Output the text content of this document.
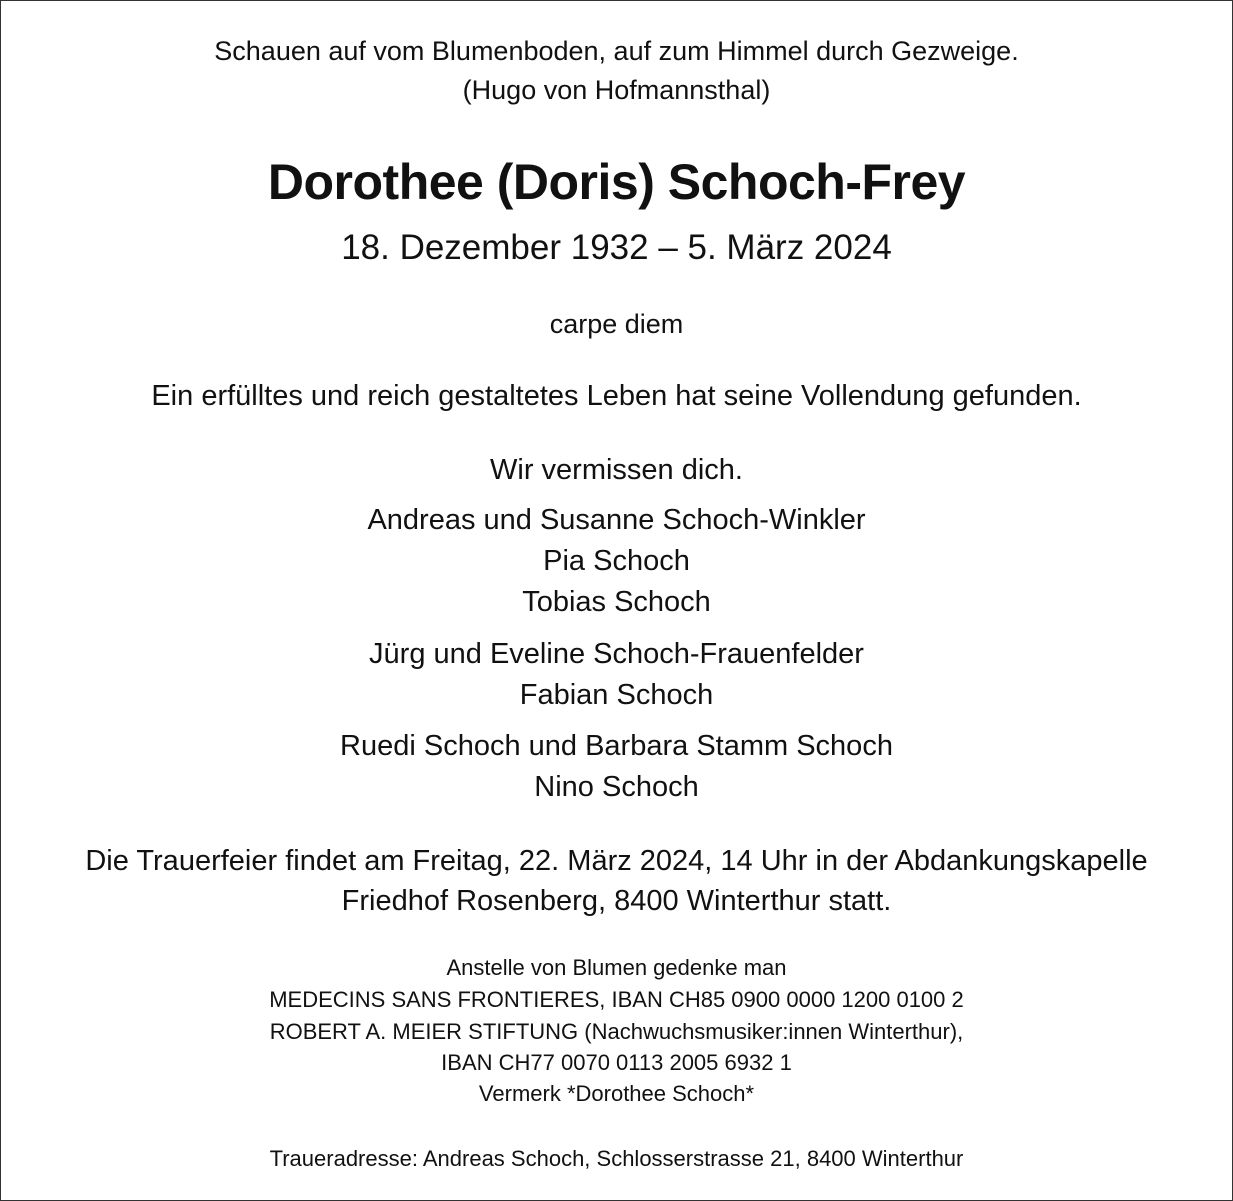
Schauen auf vom Blumenboden, auf zum Himmel durch Gezweige.
(Hugo von Hofmannsthal)
Dorothee (Doris) Schoch-Frey
18. Dezember 1932 – 5. März 2024
carpe diem
Ein erfülltes und reich gestaltetes Leben hat seine Vollendung gefunden.
Wir vermissen dich.
Andreas und Susanne Schoch-Winkler
Pia Schoch
Tobias Schoch
Jürg und Eveline Schoch-Frauenfelder
Fabian Schoch
Ruedi Schoch und Barbara Stamm Schoch
Nino Schoch
Die Trauerfeier findet am Freitag, 22. März 2024, 14 Uhr in der Abdankungskapelle
Friedhof Rosenberg, 8400 Winterthur statt.
Anstelle von Blumen gedenke man
MEDECINS SANS FRONTIERES, IBAN CH85 0900 0000 1200 0100 2
ROBERT A. MEIER STIFTUNG (Nachwuchsmusiker:innen Winterthur),
IBAN CH77 0070 0113 2005 6932 1
Vermerk *Dorothee Schoch*
Traueradresse: Andreas Schoch, Schlosserstrasse 21, 8400 Winterthur
